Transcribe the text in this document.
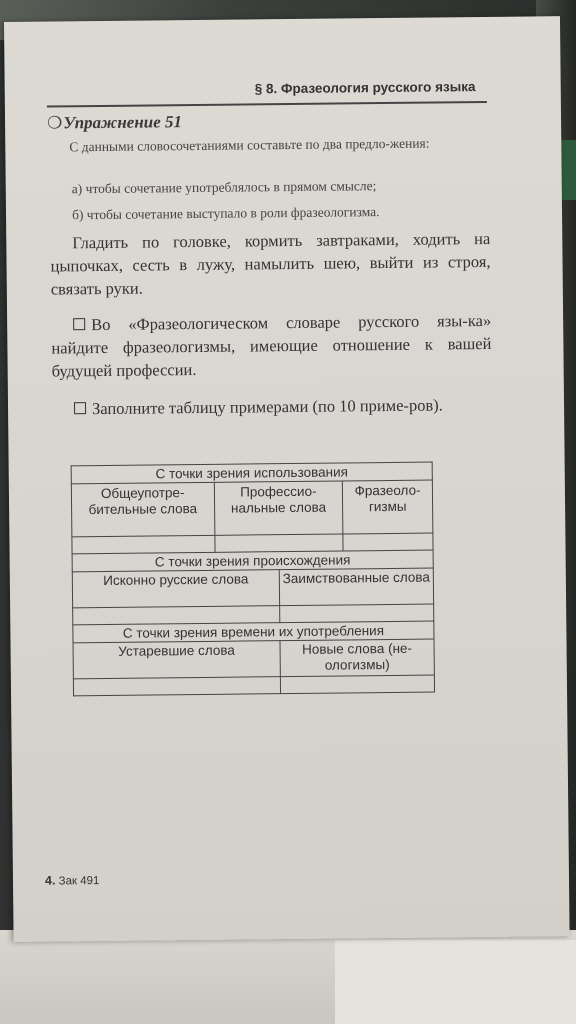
§ 8. Фразеология русского языка
❍Упражнение 51
С данными словосочетаниями составьте по два предло-жения:
а) чтобы сочетание употреблялось в прямом смысле;
б) чтобы сочетание выступало в роли фразеологизма.
Гладить по головке, кормить завтраками, ходить на цыпочках, сесть в лужу, намылить шею, выйти из строя, связать руки.
Во «Фразеологическом словаре русского язы-ка» найдите фразеологизмы, имеющие отношение к вашей будущей профессии.
Заполните таблицу примерами (по 10 приме-ров).
С точки зрения использования			
Общеупотре-бительные слова	Профессио-нальные слова		Фразеоло-гизмы

С точки зрения происхождения			
Исконно русские слова		Заимствованные слова	

С точки зрения времени их употребления			
Устаревшие слова		Новые слова (не-ологизмы)	

4. Зак 491
